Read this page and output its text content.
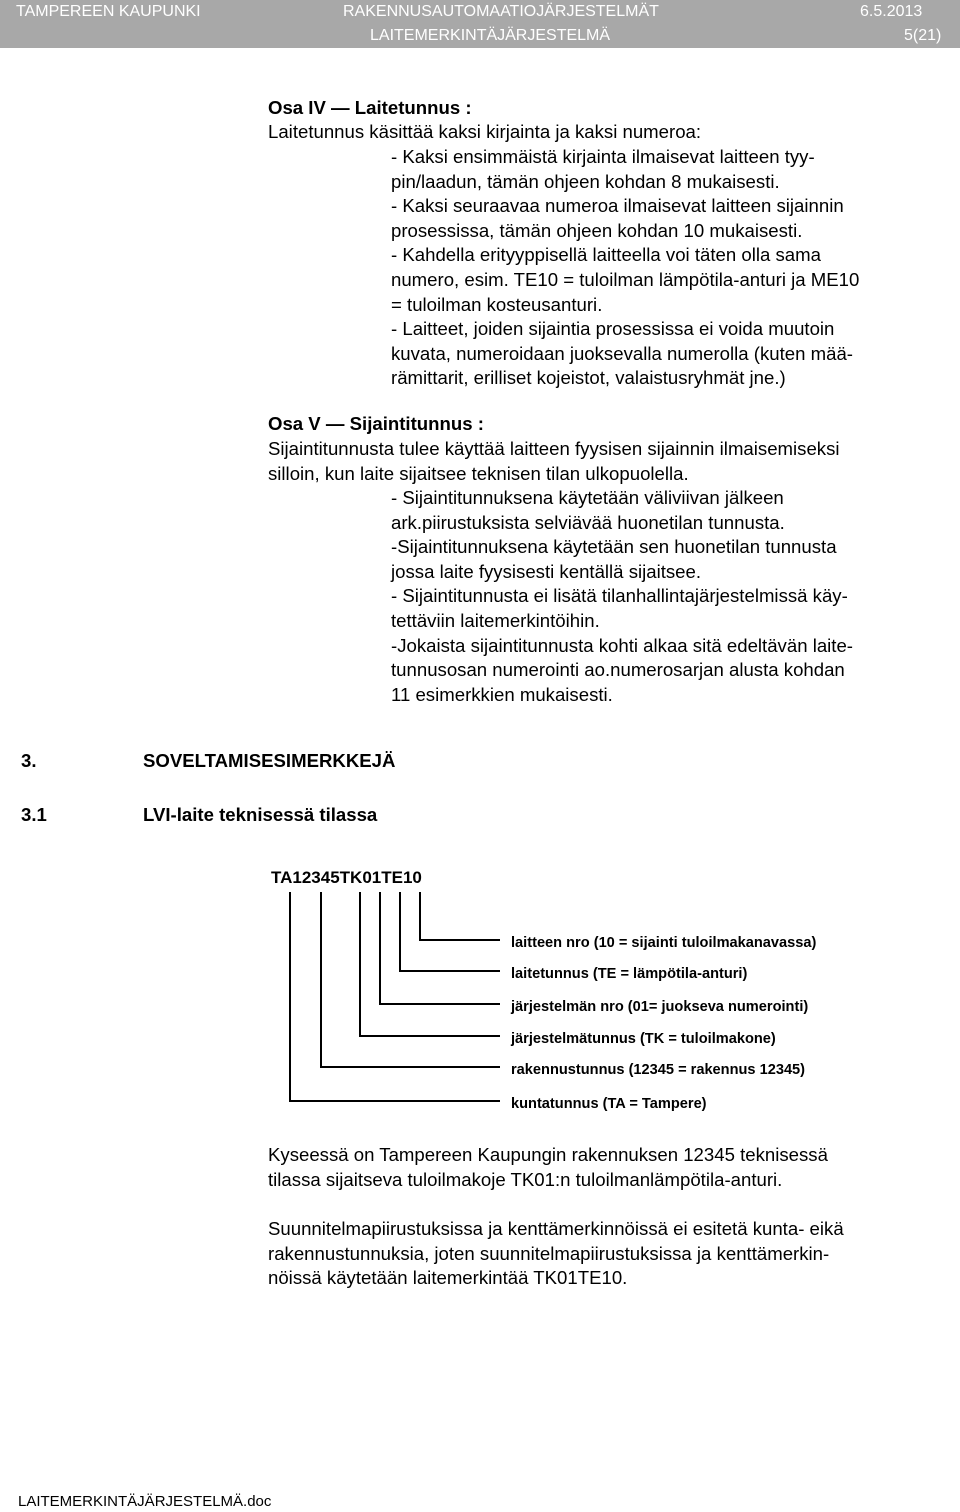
TAMPEREEN KAUPUNKI	RAKENNUSAUTOMAATIOJÄRJESTELMÄT	6.5.2013
LAITEMERKINTÄJÄRJESTELMÄ	5(21)
Osa IV — Laitetunnus :
Laitetunnus käsittää kaksi kirjainta ja kaksi numeroa:
- Kaksi ensimmäistä kirjainta ilmaisevat laitteen tyy-
pin/laadun, tämän ohjeen kohdan 8 mukaisesti.
- Kaksi seuraavaa numeroa ilmaisevat laitteen sijainnin
prosessissa, tämän ohjeen kohdan 10 mukaisesti.
- Kahdella erityyppisellä laitteella voi täten olla sama
numero, esim. TE10 = tuloilman lämpötila-anturi ja ME10
= tuloilman kosteusanturi.
- Laitteet, joiden sijaintia prosessissa ei voida muutoin
kuvata, numeroidaan juoksevalla numerolla (kuten mää-
rämittarit, erilliset kojeistot, valaistusryhmät jne.)
Osa V — Sijaintitunnus :
Sijaintitunnusta tulee käyttää laitteen fyysisen sijainnin ilmaisemiseksi
silloin, kun laite sijaitsee teknisen tilan ulkopuolella.
- Sijaintitunnuksena käytetään väliviivan jälkeen
ark.piirustuksista selviävää huonetilan tunnusta.
-Sijaintitunnuksena käytetään sen huonetilan tunnusta
jossa laite fyysisesti kentällä sijaitsee.
- Sijaintitunnusta ei lisätä tilanhallintajärjestelmissä käy-
tettäviin laitemerkintöihin.
-Jokaista sijaintitunnusta kohti alkaa sitä edeltävän laite-
tunnusosan numerointi ao.numerosarjan alusta kohdan
11 esimerkkien mukaisesti.
3.	SOVELTAMISESIMERKKEJÄ
3.1	LVI-laite teknisessä tilassa
TA12345TK01TE10
laitteen nro (10 = sijainti tuloilmakanavassa)
laitetunnus (TE = lämpötila-anturi)
järjestelmän nro (01= juokseva numerointi)
järjestelmätunnus (TK = tuloilmakone)
rakennustunnus (12345 = rakennus 12345)
kuntatunnus (TA = Tampere)
Kyseessä on Tampereen Kaupungin rakennuksen 12345 teknisessä
tilassa sijaitseva tuloilmakoje TK01:n tuloilmanlämpötila-anturi.
Suunnitelmapiirustuksissa ja kenttämerkinnöissä ei esitetä kunta- eikä
rakennustunnuksia, joten suunnitelmapiirustuksissa ja kenttämerkin-
nöissä käytetään laitemerkintää TK01TE10.
LAITEMERKINTÄJÄRJESTELMÄ.doc
